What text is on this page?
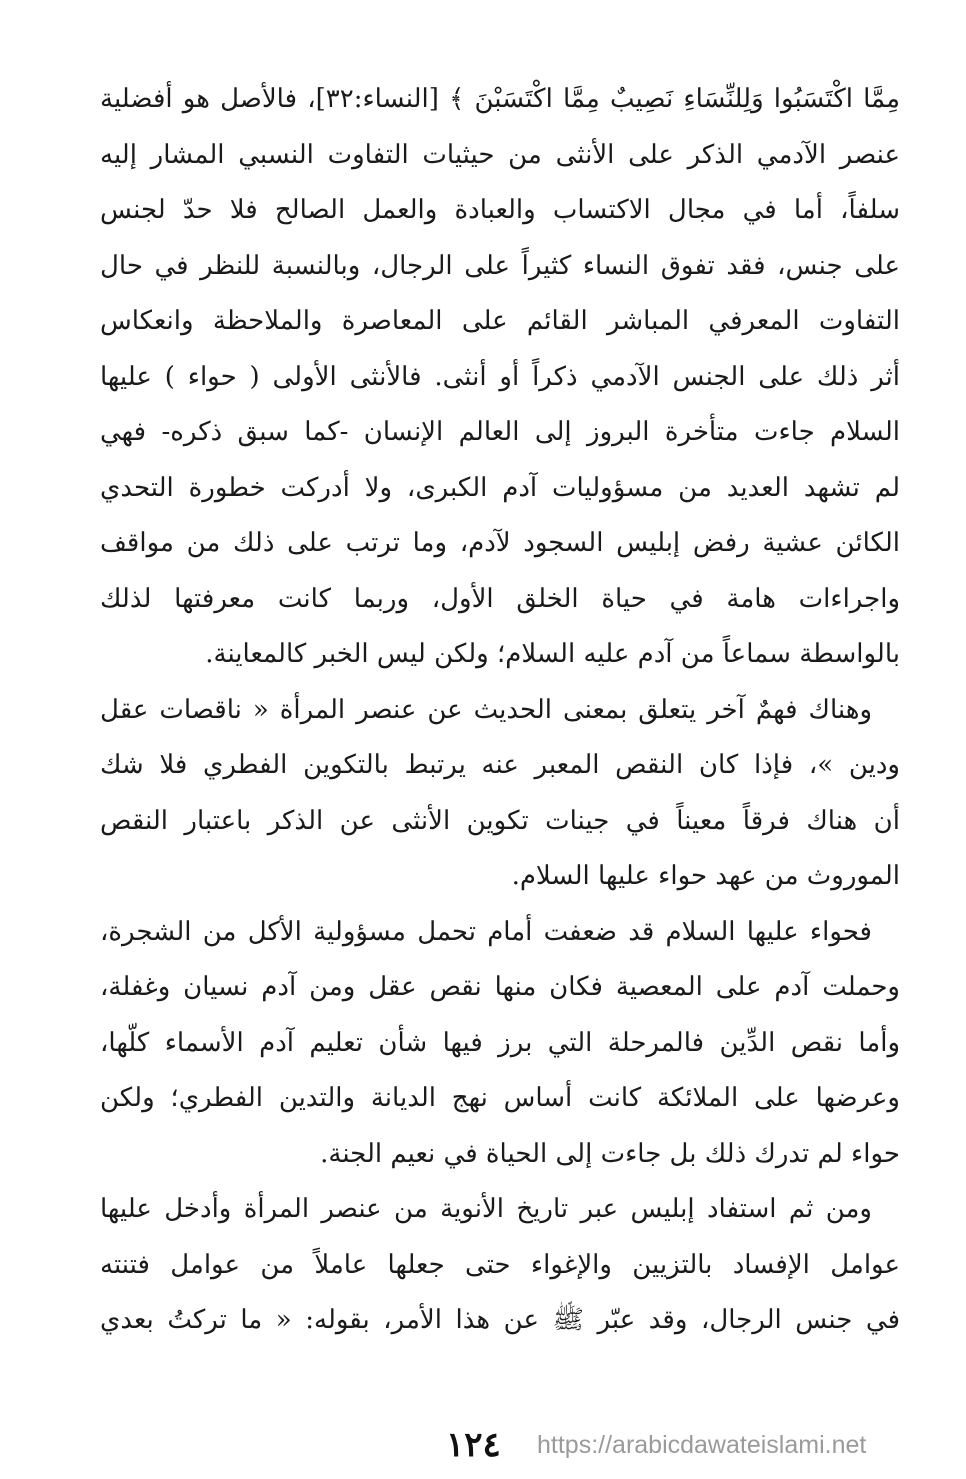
مِمَّا اكْتَسَبُوا وَلِلنِّسَاءِ نَصِيبٌ مِمَّا اكْتَسَبْنَ ﴾ [النساء:٣٢]، فالأصل هو أفضلية
عنصر الآدمي الذكر على الأنثى من حيثيات التفاوت النسبي المشار إليه
سلفاً، أما في مجال الاكتساب والعبادة والعمل الصالح فلا حدّ لجنس
على جنس، فقد تفوق النساء كثيراً على الرجال، وبالنسبة للنظر في حال
التفاوت المعرفي المباشر القائم على المعاصرة والملاحظة وانعكاس
أثر ذلك على الجنس الآدمي ذكراً أو أنثى. فالأنثى الأولى ( حواء ) عليها
السلام جاءت متأخرة البروز إلى العالم الإنسان -كما سبق ذكره- فهي
لم تشهد العديد من مسؤوليات آدم الكبرى، ولا أدركت خطورة التحدي
الكائن عشية رفض إبليس السجود لآدم، وما ترتب على ذلك من مواقف
واجراءات هامة في حياة الخلق الأول، وربما كانت معرفتها لذلك
بالواسطة سماعاً من آدم عليه السلام؛ ولكن ليس الخبر كالمعاينة.
وهناك فهمٌ آخر يتعلق بمعنى الحديث عن عنصر المرأة « ناقصات عقل
ودين »، فإذا كان النقص المعبر عنه يرتبط بالتكوين الفطري فلا شك
أن هناك فرقاً معيناً في جينات تكوين الأنثى عن الذكر باعتبار النقص
الموروث من عهد حواء عليها السلام.
فحواء عليها السلام قد ضعفت أمام تحمل مسؤولية الأكل من الشجرة،
وحملت آدم على المعصية فكان منها نقص عقل ومن آدم نسيان وغفلة،
وأما نقص الدِّين فالمرحلة التي برز فيها شأن تعليم آدم الأسماء كلّها،
وعرضها على الملائكة كانت أساس نهج الديانة والتدين الفطري؛ ولكن
حواء لم تدرك ذلك بل جاءت إلى الحياة في نعيم الجنة.
ومن ثم استفاد إبليس عبر تاريخ الأنوية من عنصر المرأة وأدخل عليها
عوامل الإفساد بالتزيين والإغواء حتى جعلها عاملاً من عوامل فتنته
في جنس الرجال، وقد عبّر ﷺ عن هذا الأمر، بقوله: « ما تركتُ بعدي
١٢٤ https://arabicdawateislami.net
